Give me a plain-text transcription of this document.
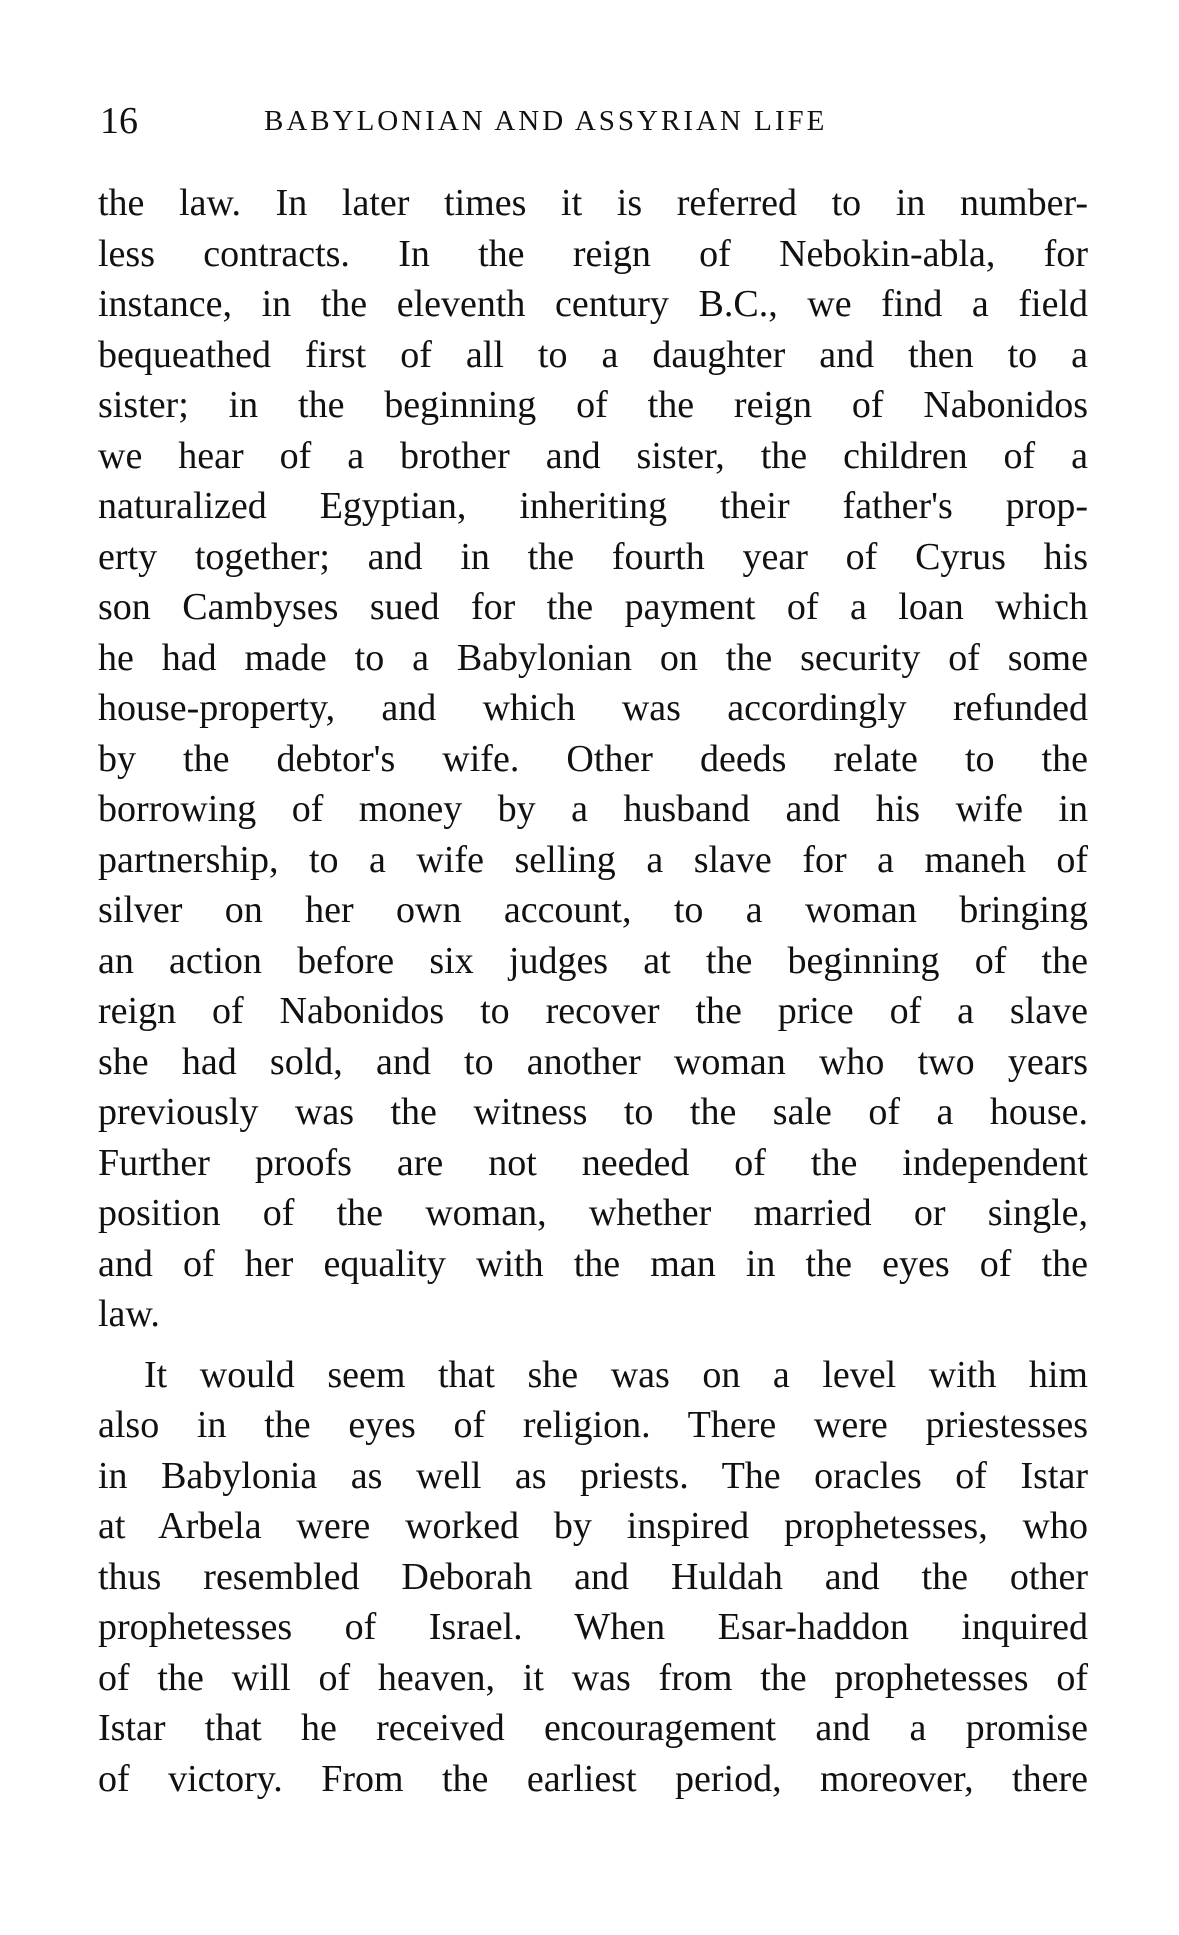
16	BABYLONIAN AND ASSYRIAN LIFE
the law. In later times it is referred to in number-
less contracts. In the reign of Nebokin-abla, for
instance, in the eleventh century B.C., we find a field
bequeathed first of all to a daughter and then to a
sister; in the beginning of the reign of Nabonidos
we hear of a brother and sister, the children of a
naturalized Egyptian, inheriting their father's prop-
erty together; and in the fourth year of Cyrus his
son Cambyses sued for the payment of a loan which
he had made to a Babylonian on the security of some
house-property, and which was accordingly refunded
by the debtor's wife. Other deeds relate to the
borrowing of money by a husband and his wife in
partnership, to a wife selling a slave for a maneh of
silver on her own account, to a woman bringing
an action before six judges at the beginning of the
reign of Nabonidos to recover the price of a slave
she had sold, and to another woman who two years
previously was the witness to the sale of a house.
Further proofs are not needed of the independent
position of the woman, whether married or single,
and of her equality with the man in the eyes of the
law.
It would seem that she was on a level with him
also in the eyes of religion. There were priestesses
in Babylonia as well as priests. The oracles of Istar
at Arbela were worked by inspired prophetesses, who
thus resembled Deborah and Huldah and the other
prophetesses of Israel. When Esar-haddon inquired
of the will of heaven, it was from the prophetesses of
Istar that he received encouragement and a promise
of victory. From the earliest period, moreover, there
